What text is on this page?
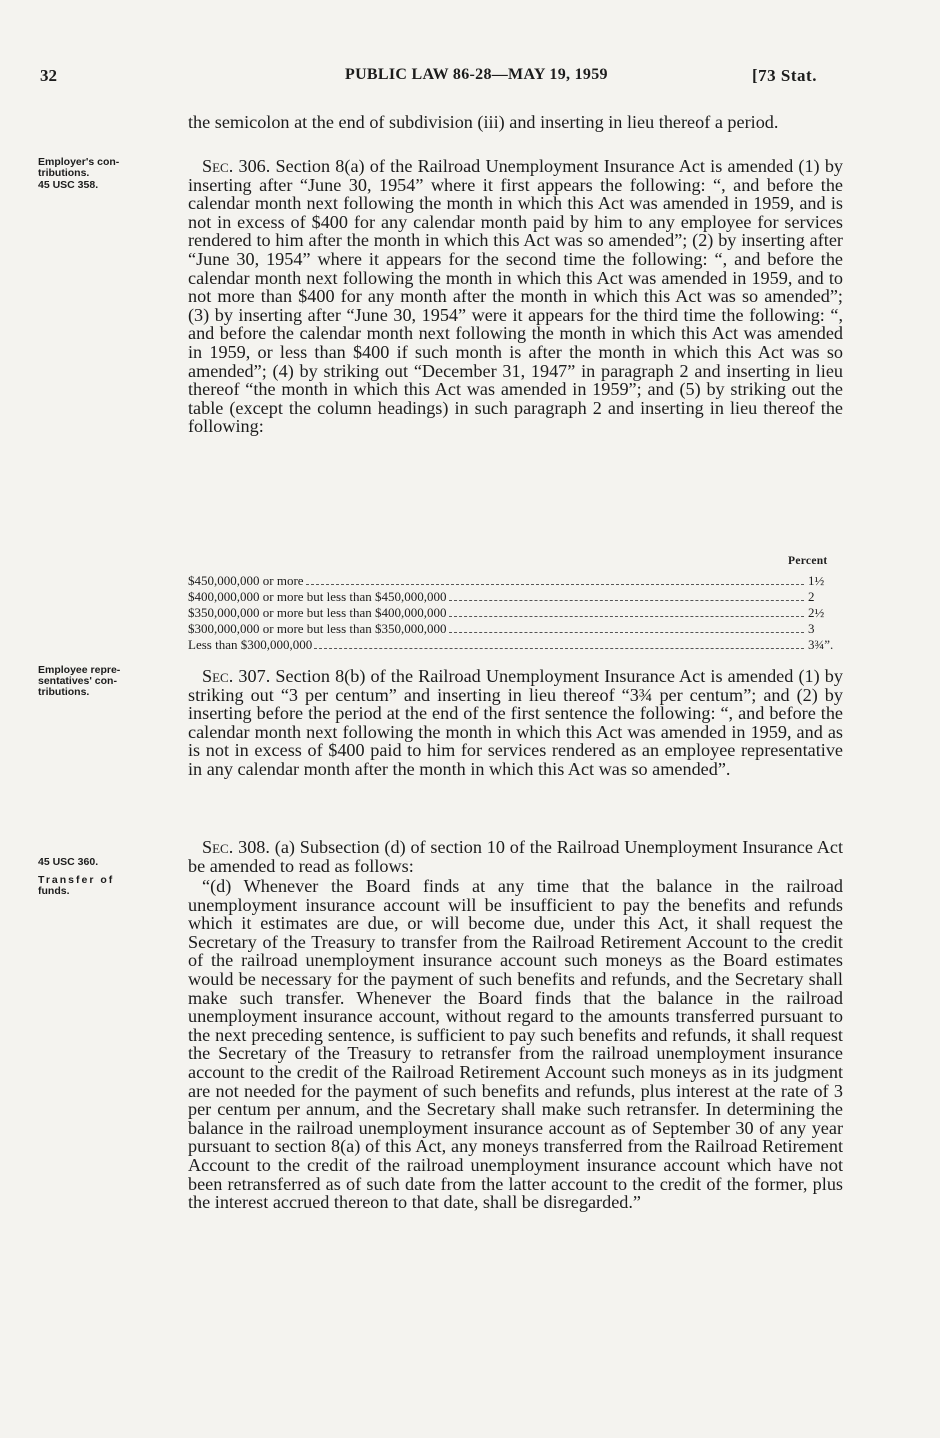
32	PUBLIC LAW 86-28—MAY 19, 1959	[73 Stat.
Employer's con-
tributions.
45 USC 358.
Employee repre-
sentatives' con-
tributions.
45 USC 360.
Transfer of
funds.

the semicolon at the end of subdivision (iii) and inserting in lieu thereof a period.

Sec. 306. Section 8(a) of the Railroad Unemployment Insurance Act is amended (1) by inserting after “June 30, 1954” where it first appears the following: “, and before the calendar month next following the month in which this Act was amended in 1959, and is not in excess of $400 for any calendar month paid by him to any employee for services rendered to him after the month in which this Act was so amended”; (2) by inserting after “June 30, 1954” where it appears for the second time the following: “, and before the calendar month next following the month in which this Act was amended in 1959, and to not more than $400 for any month after the month in which this Act was so amended”; (3) by inserting after “June 30, 1954” were it appears for the third time the following: “, and before the calendar month next following the month in which this Act was amended in 1959, or less than $400 if such month is after the month in which this Act was so amended”; (4) by striking out “December 31, 1947” in paragraph 2 and inserting in lieu thereof “the month in which this Act was amended in 1959”; and (5) by striking out the table (except the column headings) in such paragraph 2 and inserting in lieu thereof the following:

Percent
$450,000,000 or more	1½
$400,000,000 or more but less than $450,000,000	2
$350,000,000 or more but less than $400,000,000	2½
$300,000,000 or more but less than $350,000,000	3
Less than $300,000,000	3¾”.

Sec. 307. Section 8(b) of the Railroad Unemployment Insurance Act is amended (1) by striking out “3 per centum” and inserting in lieu thereof “3¾ per centum”; and (2) by inserting before the period at the end of the first sentence the following: “, and before the calendar month next following the month in which this Act was amended in 1959, and as is not in excess of $400 paid to him for services rendered as an employee representative in any calendar month after the month in which this Act was so amended”.

Sec. 308. (a) Subsection (d) of section 10 of the Railroad Unemployment Insurance Act be amended to read as follows:

“(d) Whenever the Board finds at any time that the balance in the railroad unemployment insurance account will be insufficient to pay the benefits and refunds which it estimates are due, or will become due, under this Act, it shall request the Secretary of the Treasury to transfer from the Railroad Retirement Account to the credit of the railroad unemployment insurance account such moneys as the Board estimates would be necessary for the payment of such benefits and refunds, and the Secretary shall make such transfer. Whenever the Board finds that the balance in the railroad unemployment insurance account, without regard to the amounts transferred pursuant to the next preceding sentence, is sufficient to pay such benefits and refunds, it shall request the Secretary of the Treasury to retransfer from the railroad unemployment insurance account to the credit of the Railroad Retirement Account such moneys as in its judgment are not needed for the payment of such benefits and refunds, plus interest at the rate of 3 per centum per annum, and the Secretary shall make such retransfer. In determining the balance in the railroad unemployment insurance account as of September 30 of any year pursuant to section 8(a) of this Act, any moneys transferred from the Railroad Retirement Account to the credit of the railroad unemployment insurance account which have not been retransferred as of such date from the latter account to the credit of the former, plus the interest accrued thereon to that date, shall be disregarded.”
